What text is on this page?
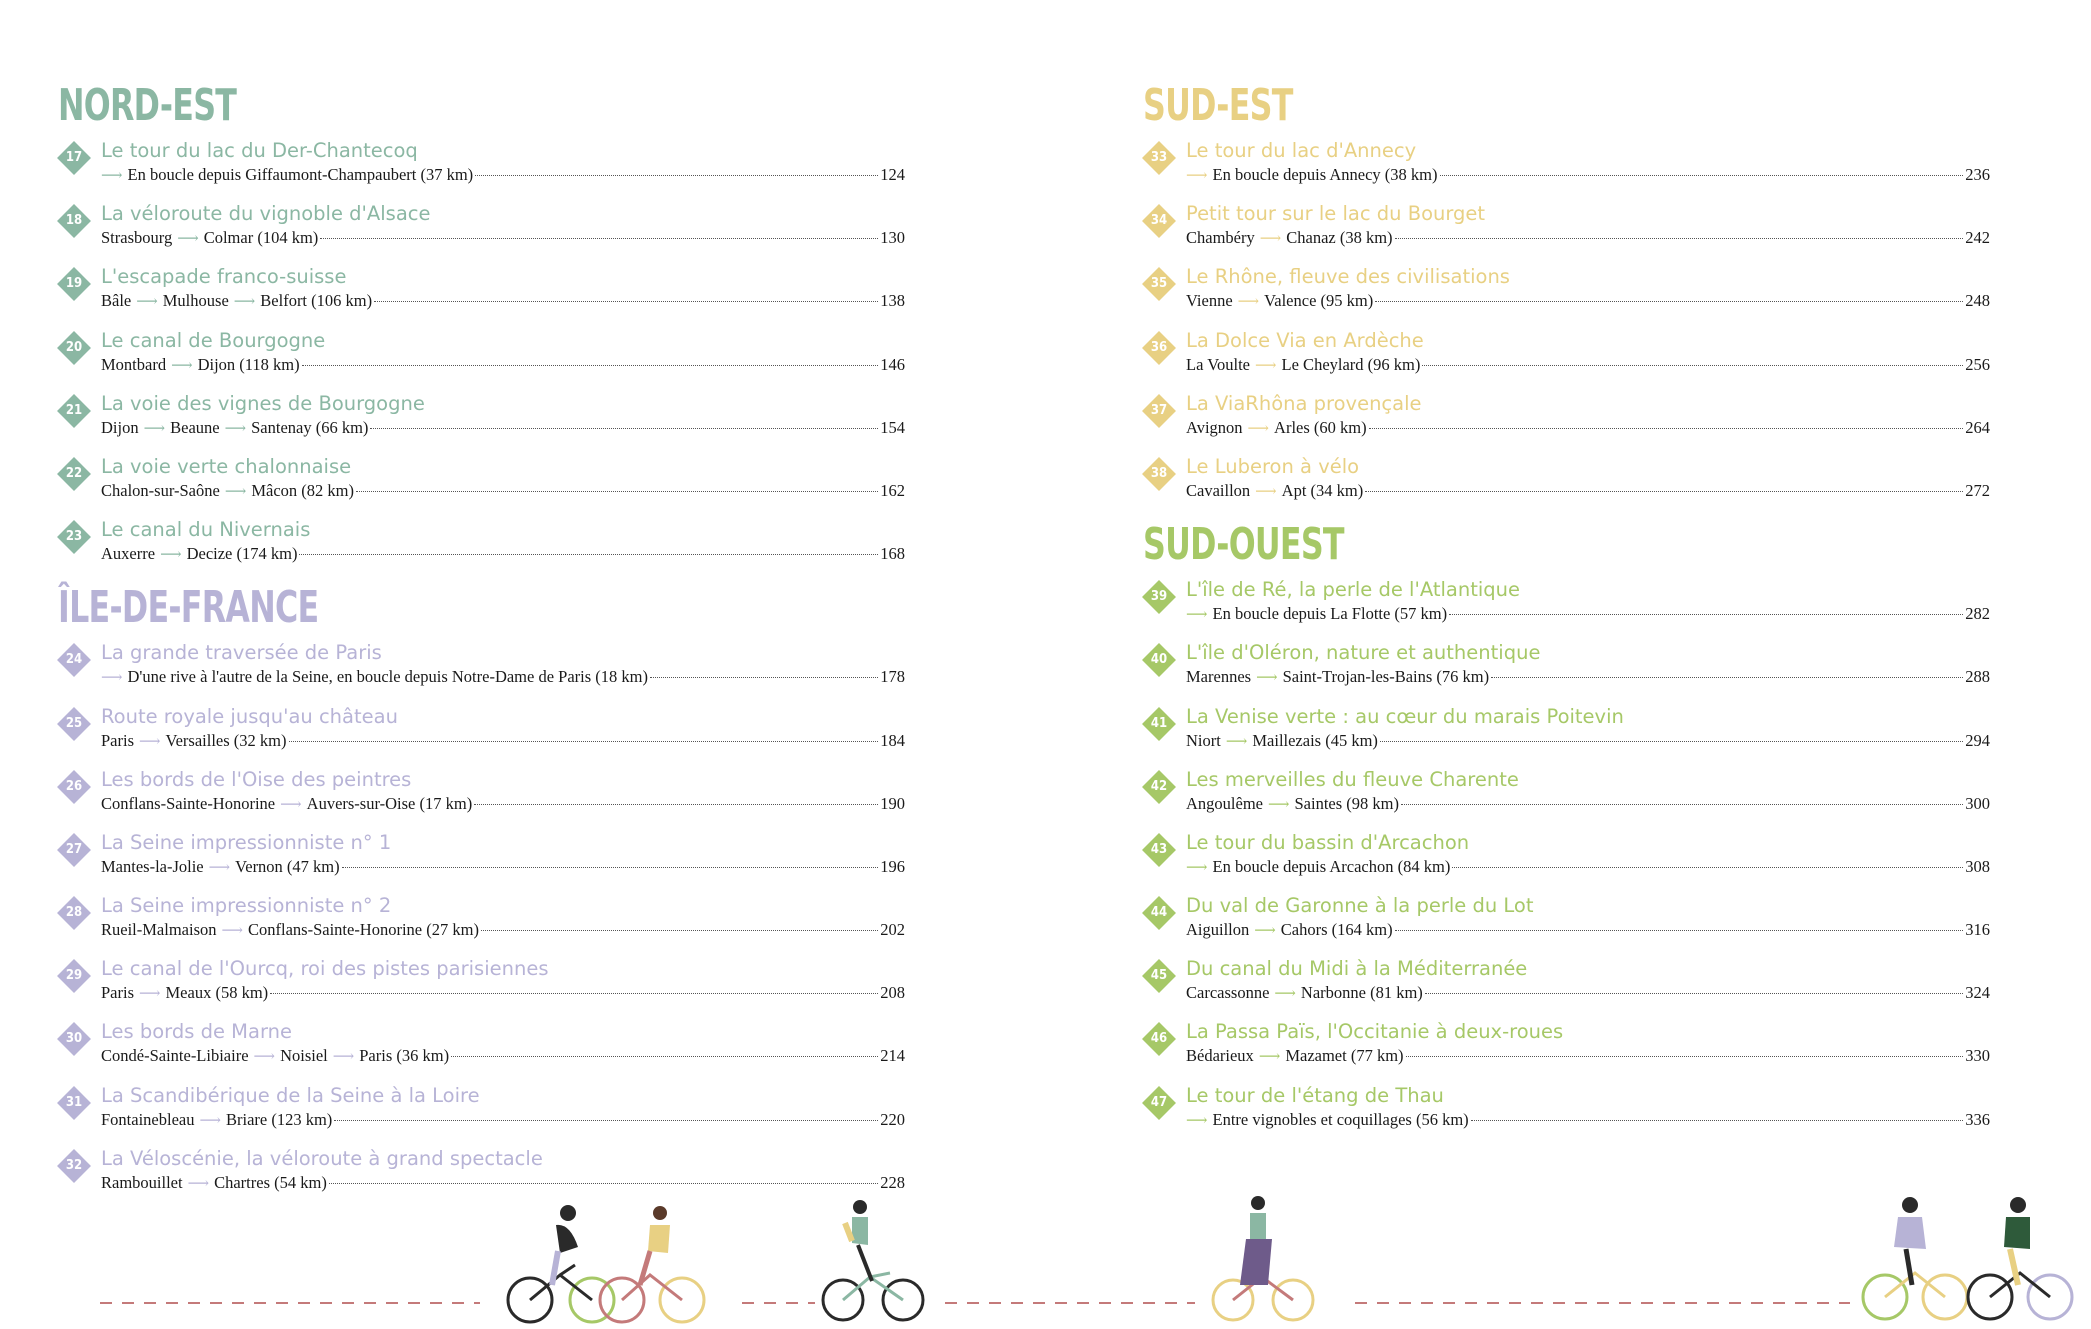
NORD-EST
17 Le tour du lac du Der-Chantecoq
⟶ En boucle depuis Giffaumont-Champaubert (37 km)	124
18 La véloroute du vignoble d'Alsace
Strasbourg ⟶ Colmar (104 km)	130
19 L'escapade franco-suisse
Bâle ⟶ Mulhouse ⟶ Belfort (106 km)	138
20 Le canal de Bourgogne
Montbard ⟶ Dijon (118 km)	146
21 La voie des vignes de Bourgogne
Dijon ⟶ Beaune ⟶ Santenay (66 km)	154
22 La voie verte chalonnaise
Chalon-sur-Saône ⟶ Mâcon (82 km)	162
23 Le canal du Nivernais
Auxerre ⟶ Decize (174 km)	168
ÎLE-DE-FRANCE
24 La grande traversée de Paris
⟶ D'une rive à l'autre de la Seine, en boucle depuis Notre-Dame de Paris (18 km)	178
25 Route royale jusqu'au château
Paris ⟶ Versailles (32 km)	184
26 Les bords de l'Oise des peintres
Conflans-Sainte-Honorine ⟶ Auvers-sur-Oise (17 km)	190
27 La Seine impressionniste n° 1
Mantes-la-Jolie ⟶ Vernon (47 km)	196
28 La Seine impressionniste n° 2
Rueil-Malmaison ⟶ Conflans-Sainte-Honorine (27 km)	202
29 Le canal de l'Ourcq, roi des pistes parisiennes
Paris ⟶ Meaux (58 km)	208
30 Les bords de Marne
Condé-Sainte-Libiaire ⟶ Noisiel ⟶ Paris (36 km)	214
31 La Scandibérique de la Seine à la Loire
Fontainebleau ⟶ Briare (123 km)	220
32 La Véloscénie, la véloroute à grand spectacle
Rambouillet ⟶ Chartres (54 km)	228
SUD-EST
33 Le tour du lac d'Annecy
⟶ En boucle depuis Annecy (38 km)	236
34 Petit tour sur le lac du Bourget
Chambéry ⟶ Chanaz (38 km)	242
35 Le Rhône, fleuve des civilisations
Vienne ⟶ Valence (95 km)	248
36 La Dolce Via en Ardèche
La Voulte ⟶ Le Cheylard (96 km)	256
37 La ViaRhôna provençale
Avignon ⟶ Arles (60 km)	264
38 Le Luberon à vélo
Cavaillon ⟶ Apt (34 km)	272
SUD-OUEST
39 L'île de Ré, la perle de l'Atlantique
⟶ En boucle depuis La Flotte (57 km)	282
40 L'île d'Oléron, nature et authentique
Marennes ⟶ Saint-Trojan-les-Bains (76 km)	288
41 La Venise verte : au cœur du marais Poitevin
Niort ⟶ Maillezais (45 km)	294
42 Les merveilles du fleuve Charente
Angoulême ⟶ Saintes (98 km)	300
43 Le tour du bassin d'Arcachon
⟶ En boucle depuis Arcachon (84 km)	308
44 Du val de Garonne à la perle du Lot
Aiguillon ⟶ Cahors (164 km)	316
45 Du canal du Midi à la Méditerranée
Carcassonne ⟶ Narbonne (81 km)	324
46 La Passa Païs, l'Occitanie à deux-roues
Bédarieux ⟶ Mazamet (77 km)	330
47 Le tour de l'étang de Thau
⟶ Entre vignobles et coquillages (56 km)	336
